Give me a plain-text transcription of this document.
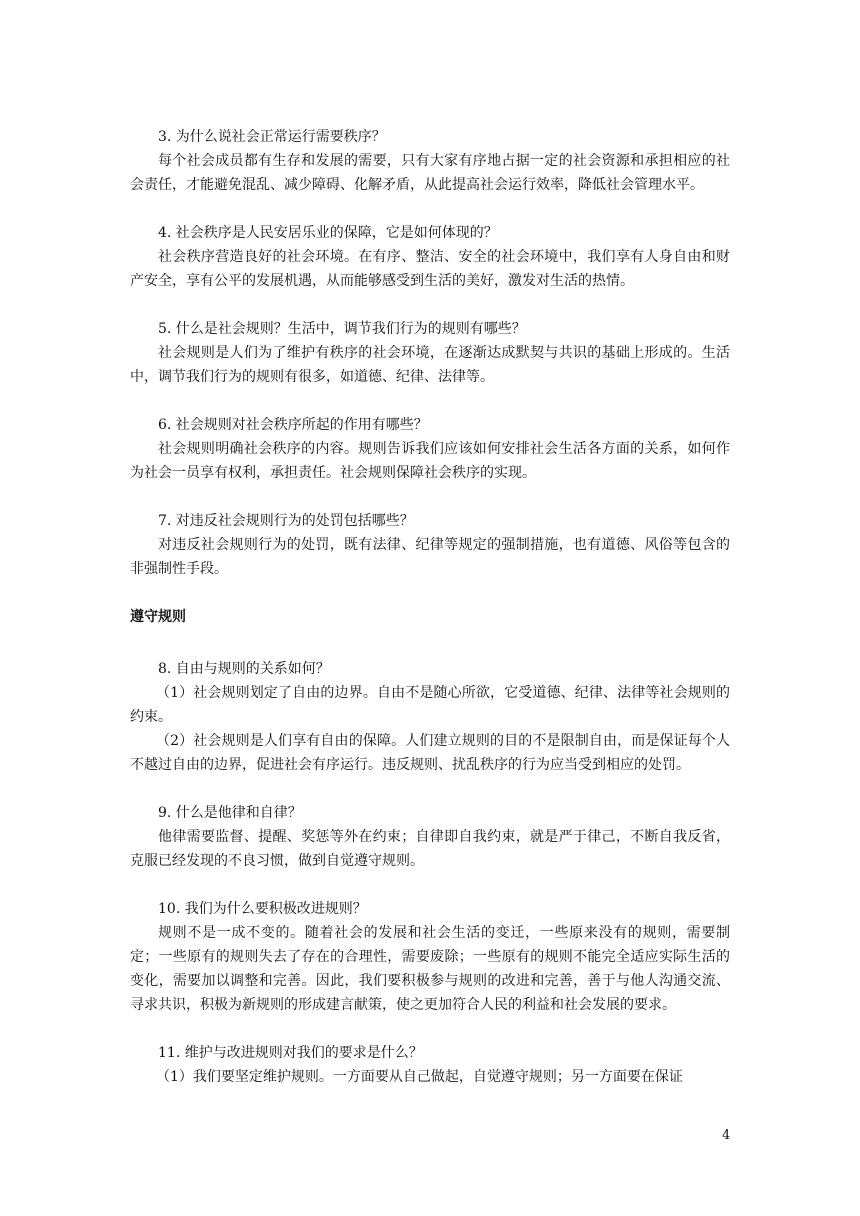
3. 为什么说社会正常运行需要秩序？

每个社会成员都有生存和发展的需要，只有大家有序地占据一定的社会资源和承担相应的社会责任，才能避免混乱、减少障碍、化解矛盾，从此提高社会运行效率，降低社会管理水平。

4. 社会秩序是人民安居乐业的保障，它是如何体现的？

社会秩序营造良好的社会环境。在有序、整洁、安全的社会环境中，我们享有人身自由和财产安全，享有公平的发展机遇，从而能够感受到生活的美好，激发对生活的热情。

5. 什么是社会规则？生活中，调节我们行为的规则有哪些？

社会规则是人们为了维护有秩序的社会环境，在逐渐达成默契与共识的基础上形成的。生活中，调节我们行为的规则有很多，如道德、纪律、法律等。

6. 社会规则对社会秩序所起的作用有哪些？

社会规则明确社会秩序的内容。规则告诉我们应该如何安排社会生活各方面的关系，如何作为社会一员享有权利，承担责任。社会规则保障社会秩序的实现。

7. 对违反社会规则行为的处罚包括哪些？

对违反社会规则行为的处罚，既有法律、纪律等规定的强制措施，也有道德、风俗等包含的非强制性手段。

遵守规则

8. 自由与规则的关系如何？

（1）社会规则划定了自由的边界。自由不是随心所欲，它受道德、纪律、法律等社会规则的约束。

（2）社会规则是人们享有自由的保障。人们建立规则的目的不是限制自由，而是保证每个人不越过自由的边界，促进社会有序运行。违反规则、扰乱秩序的行为应当受到相应的处罚。

9. 什么是他律和自律？

他律需要监督、提醒、奖惩等外在约束；自律即自我约束，就是严于律己，不断自我反省，克服已经发现的不良习惯，做到自觉遵守规则。

10. 我们为什么要积极改进规则？

规则不是一成不变的。随着社会的发展和社会生活的变迁，一些原来没有的规则，需要制定；一些原有的规则失去了存在的合理性，需要废除；一些原有的规则不能完全适应实际生活的变化，需要加以调整和完善。因此，我们要积极参与规则的改进和完善，善于与他人沟通交流、寻求共识，积极为新规则的形成建言献策，使之更加符合人民的利益和社会发展的要求。

11. 维护与改进规则对我们的要求是什么？

（1）我们要坚定维护规则。一方面要从自己做起，自觉遵守规则；另一方面要在保证

4
